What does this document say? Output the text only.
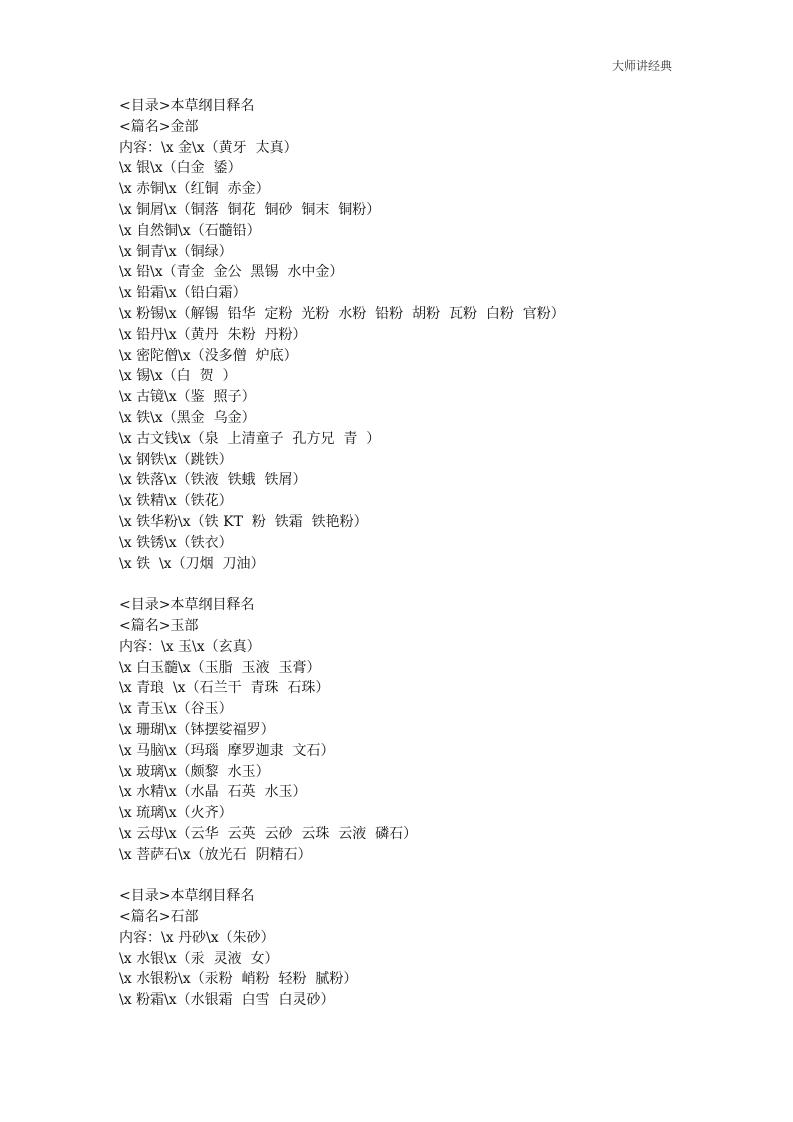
大师讲经典
<目录>本草纲目释名
<篇名>金部
内容：\x 金\x（黄牙  太真）
\x 银\x（白金  鋈）
\x 赤铜\x（红铜  赤金）
\x 铜屑\x（铜落  铜花  铜砂  铜末  铜粉）
\x 自然铜\x（石髓铅）
\x 铜青\x（铜绿）
\x 铅\x（青金  金公  黑锡  水中金）
\x 铅霜\x（铅白霜）
\x 粉锡\x（解锡  铅华  定粉  光粉  水粉  铅粉  胡粉  瓦粉  白粉  官粉）
\x 铅丹\x（黄丹  朱粉  丹粉）
\x 密陀僧\x（没多僧  炉底）
\x 锡\x（白  贺  ）
\x 古镜\x（鉴  照子）
\x 铁\x（黑金  乌金）
\x 古文钱\x（泉  上清童子  孔方兄  青  ）
\x 钢铁\x（跳铁）
\x 铁落\x（铁液  铁蛾  铁屑）
\x 铁精\x（铁花）
\x 铁华粉\x（铁 KT  粉  铁霜  铁艳粉）
\x 铁锈\x（铁衣）
\x 铁  \x（刀烟  刀油）
<目录>本草纲目释名
<篇名>玉部
内容：\x 玉\x（玄真）
\x 白玉髓\x（玉脂  玉液  玉膏）
\x 青琅  \x（石兰干  青珠  石珠）
\x 青玉\x（谷玉）
\x 珊瑚\x（钵摆娑福罗）
\x 马脑\x（玛瑙  摩罗迦隶  文石）
\x 玻璃\x（颇黎  水玉）
\x 水精\x（水晶  石英  水玉）
\x 琉璃\x（火齐）
\x 云母\x（云华  云英  云砂  云珠  云液  磷石）
\x 菩萨石\x（放光石  阴精石）
<目录>本草纲目释名
<篇名>石部
内容：\x 丹砂\x（朱砂）
\x 水银\x（汞  灵液  女）
\x 水银粉\x（汞粉  峭粉  轻粉  腻粉）
\x 粉霜\x（水银霜  白雪  白灵砂）
